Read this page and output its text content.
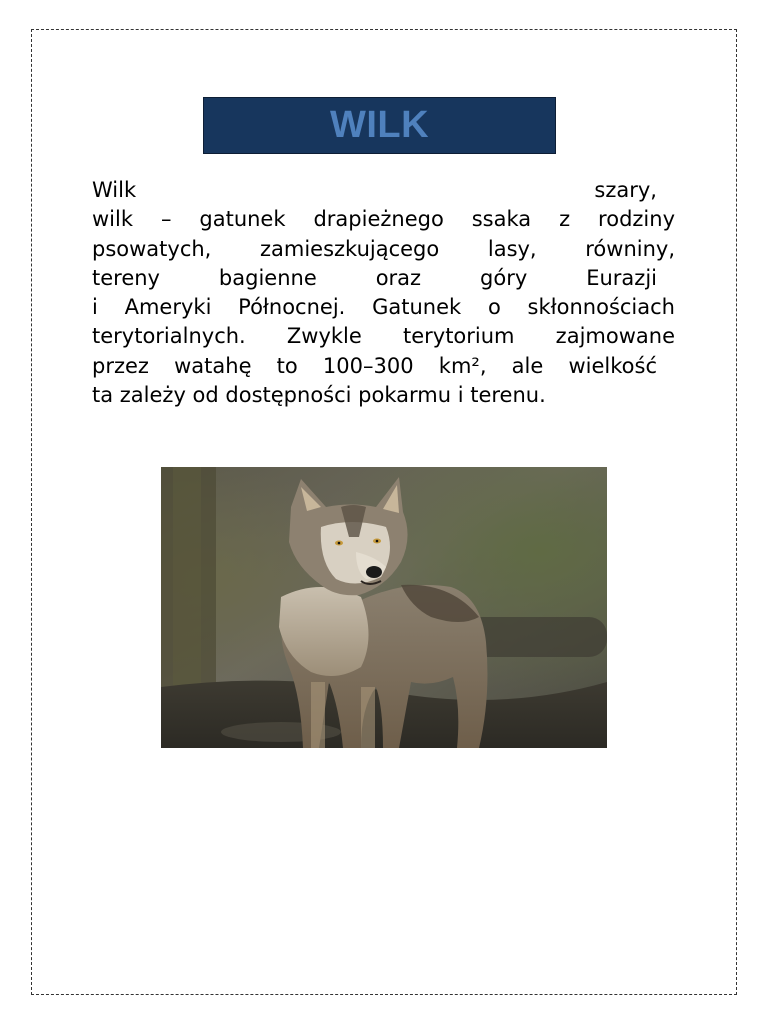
WILK
Wilk szary,
wilk – gatunek drapieżnego ssaka z rodziny
psowatych, zamieszkującego lasy, równiny,
tereny bagienne oraz góry Eurazji
i Ameryki Północnej. Gatunek o skłonnościach
terytorialnych. Zwykle terytorium zajmowane
przez watahę to 100–300 km², ale wielkość
ta zależy od dostępności pokarmu i terenu.
